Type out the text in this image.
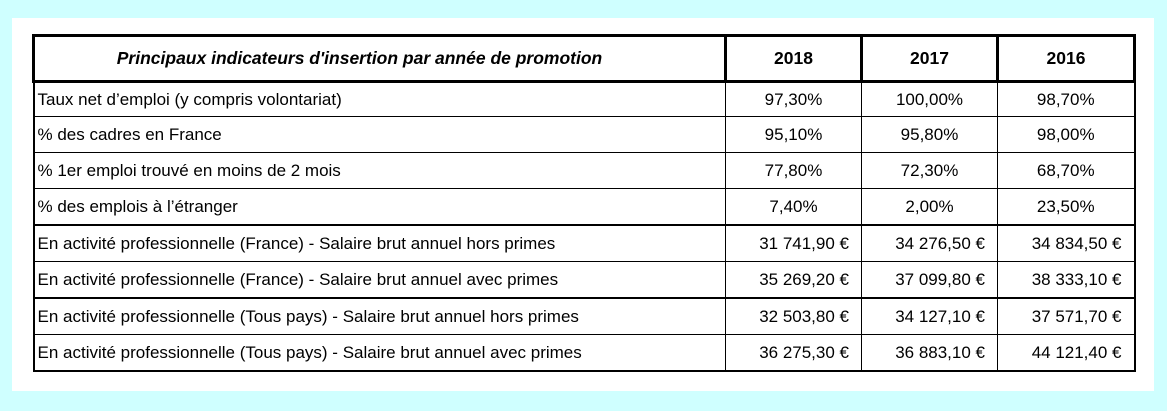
Principaux indicateurs d'insertion par année de promotion	2018	2017	2016
Taux net d’emploi (y compris volontariat)	97,30%	100,00%	98,70%
% des cadres en France	95,10%	95,80%	98,00%
% 1er emploi trouvé en moins de 2 mois	77,80%	72,30%	68,70%
% des emplois à l’étranger	7,40%	2,00%	23,50%
En activité professionnelle (France) - Salaire brut annuel hors primes	31 741,90 €	34 276,50 €	34 834,50 €
En activité professionnelle (France) - Salaire brut annuel avec primes	35 269,20 €	37 099,80 €	38 333,10 €
En activité professionnelle (Tous pays) - Salaire brut annuel hors primes	32 503,80 €	34 127,10 €	37 571,70 €
En activité professionnelle (Tous pays) - Salaire brut annuel avec primes	36 275,30 €	36 883,10 €	44 121,40 €
